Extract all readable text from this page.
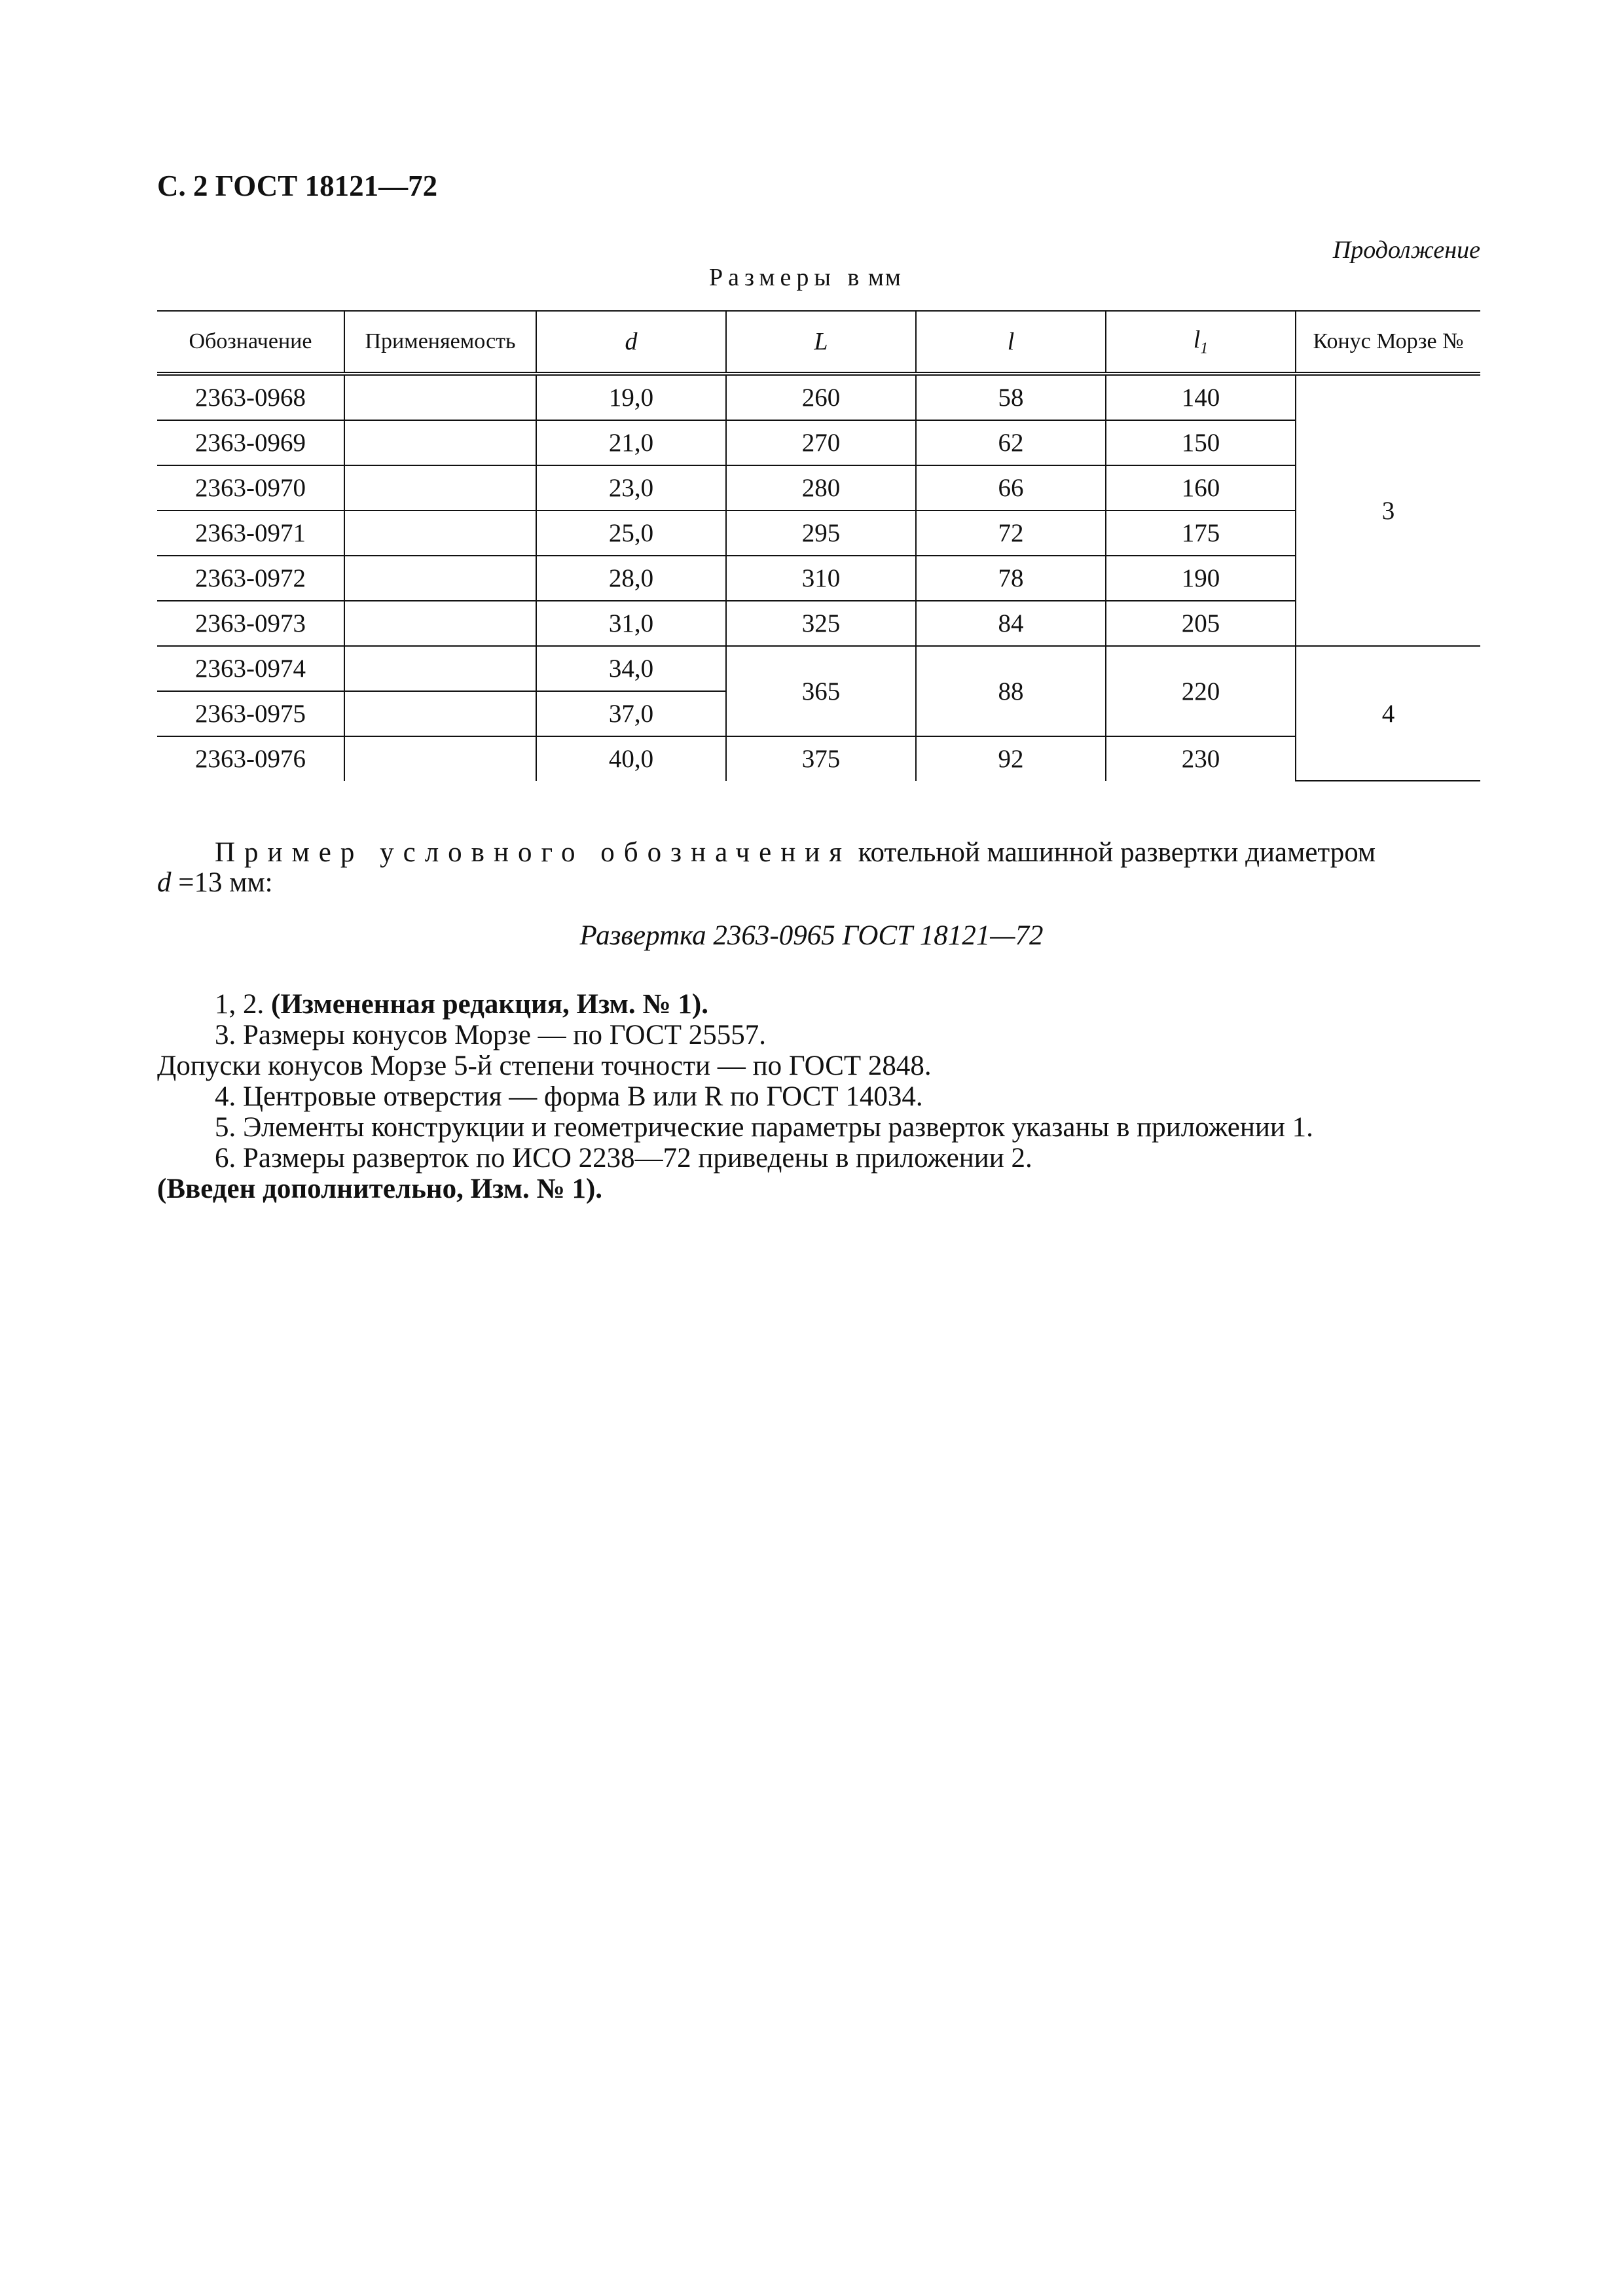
С. 2 ГОСТ 18121—72
Продолжение
Размеры в мм
Обозначение	Применяемость	d	L	l	$l_1$	Конус Морзе №
2363-0968		19,0	260	58	140	3
2363-0969		21,0	270	62	150	
2363-0970		23,0	280	66	160	
2363-0971		25,0	295	72	175	
2363-0972		28,0	310	78	190	
2363-0973		31,0	325	84	205	
2363-0974		34,0	365	88	220	4
2363-0975		37,0				
2363-0976		40,0	375	92	230	
Пример условного обозначения котельной машинной развертки диаметром
d =13 мм:
Развертка 2363-0965 ГОСТ 18121—72
1, 2. (Измененная редакция, Изм. № 1).
3. Размеры конусов Морзе — по ГОСТ 25557.
Допуски конусов Морзе 5-й степени точности — по ГОСТ 2848.
4. Центровые отверстия — форма B или R по ГОСТ 14034.
5. Элементы конструкции и геометрические параметры разверток указаны в приложении 1.
6. Размеры разверток по ИСО 2238—72 приведены в приложении 2.
(Введен дополнительно, Изм. № 1).
